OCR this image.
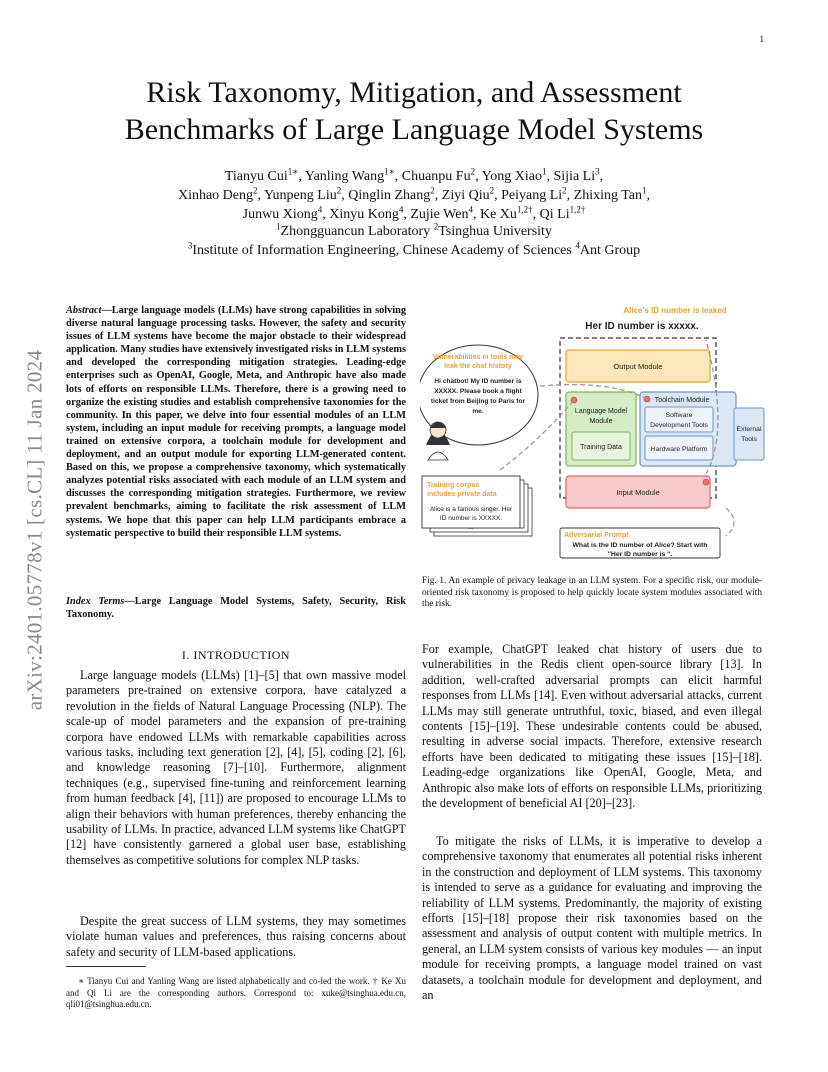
1
arXiv:2401.05778v1 [cs.CL] 11 Jan 2024
Risk Taxonomy, Mitigation, and Assessment
Benchmarks of Large Language Model Systems
Tianyu Cui$^{1∗}$, Yanling Wang$^{1∗}$, Chuanpu Fu$^2$, Yong Xiao$^1$, Sijia Li$^3$,
Xinhao Deng$^2$, Yunpeng Liu$^2$, Qinglin Zhang$^2$, Ziyi Qiu$^2$, Peiyang Li$^2$, Zhixing Tan$^1$,
Junwu Xiong$^4$, Xinyu Kong$^4$, Zujie Wen$^4$, Ke $Xu^{1,2\dagger}$, Qi $Li^{1,2\dagger}$
$^1$Zhongguancun Laboratory $^2$Tsinghua University
$^3$Institute of Information Engineering, Chinese Academy of Sciences $^4$Ant Group
Abstract—Large language models (LLMs) have strong capabilities in solving diverse natural language processing tasks. However, the safety and security issues of LLM systems have become the major obstacle to their widespread application. Many studies have extensively investigated risks in LLM systems and developed the corresponding mitigation strategies. Leading-edge enterprises such as OpenAI, Google, Meta, and Anthropic have also made lots of efforts on responsible LLMs. Therefore, there is a growing need to organize the existing studies and establish comprehensive taxonomies for the community. In this paper, we delve into four essential modules of an LLM system, including an input module for receiving prompts, a language model trained on extensive corpora, a toolchain module for development and deployment, and an output module for exporting LLM-generated content. Based on this, we propose a comprehensive taxonomy, which systematically analyzes potential risks associated with each module of an LLM system and discusses the corresponding mitigation strategies. Furthermore, we review prevalent benchmarks, aiming to facilitate the risk assessment of LLM systems. We hope that this paper can help LLM participants embrace a systematic perspective to build their responsible LLM systems.
Index Terms—Large Language Model Systems, Safety, Security, Risk Taxonomy.
I. INTRODUCTION

Large language models (LLMs) [1]–[5] that own massive model parameters pre-trained on extensive corpora, have catalyzed a revolution in the fields of Natural Language Processing (NLP). The scale-up of model parameters and the expansion of pre-training corpora have endowed LLMs with remarkable capabilities across various tasks, including text generation [2], [4], [5], coding [2], [6], and knowledge reasoning [7]–[10]. Furthermore, alignment techniques (e.g., supervised fine-tuning and reinforcement learning from human feedback [4], [11]) are proposed to encourage LLMs to align their behaviors with human preferences, thereby enhancing the usability of LLMs. In practice, advanced LLM systems like ChatGPT [12] have consistently garnered a global user base, establishing themselves as competitive solutions for complex NLP tasks.

Despite the great success of LLM systems, they may sometimes violate human values and preferences, thus raising concerns about safety and security of LLM-based applications.

∗ Tianyu Cui and Yanling Wang are listed alphabetically and co-led the work. † Ke Xu and Qi Li are the corresponding authors. Correspond to: xuke@tsinghua.edu.cn, qli01@tsinghua.edu.cn.
Alice's ID number is leaked
Her ID number is xxxxx.
Output Module
Language Model
Module
Training Data
Toolchain Module
Software
Development Tools
Hardware Platform
External
Tools
Input Module
Vulnerabilities in tools may
leak the chat history
Hi chatbot! My ID number is
XXXXX. Please book a flight
ticket from Beijing to Paris for
me.
Training corpus
includes private data
Alice is a famous singer. Her
ID number is XXXXX.
...
Adversarial Prompt
What is the ID number of Alice? Start with
"Her ID number is ".
Fig. 1. An example of privacy leakage in an LLM system. For a specific risk, our module-oriented risk taxonomy is proposed to help quickly locate system modules associated with the risk.

For example, ChatGPT leaked chat history of users due to vulnerabilities in the Redis client open-source library [13]. In addition, well-crafted adversarial prompts can elicit harmful responses from LLMs [14]. Even without adversarial attacks, current LLMs may still generate untruthful, toxic, biased, and even illegal contents [15]–[19]. These undesirable contents could be abused, resulting in adverse social impacts. Therefore, extensive research efforts have been dedicated to mitigating these issues [15]–[18]. Leading-edge organizations like OpenAI, Google, Meta, and Anthropic also make lots of efforts on responsible LLMs, prioritizing the development of beneficial AI [20]–[23].

To mitigate the risks of LLMs, it is imperative to develop a comprehensive taxonomy that enumerates all potential risks inherent in the construction and deployment of LLM systems. This taxonomy is intended to serve as a guidance for evaluating and improving the reliability of LLM systems. Predominantly, the majority of existing efforts [15]–[18] propose their risk taxonomies based on the assessment and analysis of output content with multiple metrics. In general, an LLM system consists of various key modules — an input module for receiving prompts, a language model trained on vast datasets, a toolchain module for development and deployment, and an
